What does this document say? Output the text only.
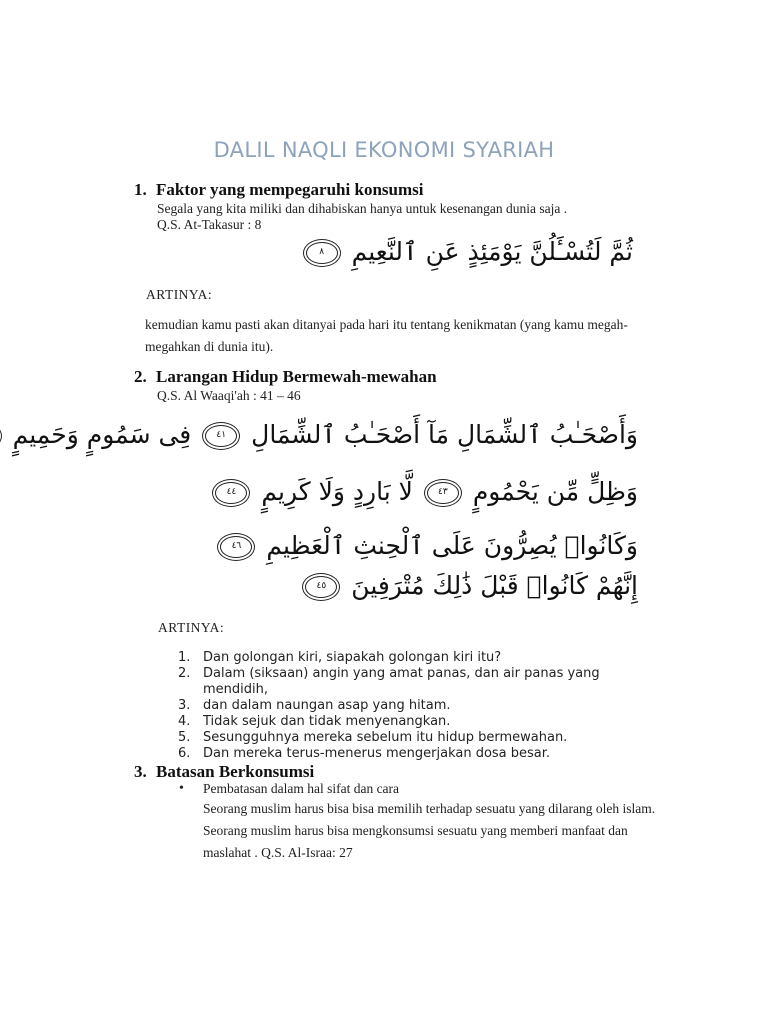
DALIL NAQLI EKONOMI SYARIAH
1. Faktor yang mempegaruhi konsumsi
Segala yang kita miliki dan dihabiskan hanya untuk kesenangan dunia saja .
Q.S. At-Takasur : 8
ثُمَّ لَتُسْـَٔلُنَّ يَوْمَئِذٍ عَنِ ٱلنَّعِيمِ ٨
ARTINYA:
kemudian kamu pasti akan ditanyai pada hari itu tentang kenikmatan (yang kamu megah-megahkan di dunia itu).
2. Larangan Hidup Bermewah-mewahan
Q.S. Al Waaqi'ah : 41 – 46
وَأَصْحَـٰبُ ٱلشِّمَالِ مَآ أَصْحَـٰبُ ٱلشِّمَالِ ٤١ فِى سَمُومٍ وَحَمِيمٍ
وَظِلٍّ مِّن يَحْمُومٍ ٤٣ لَّا بَارِدٍ وَلَا كَرِيمٍ ٤٤
وَكَانُوا۟ يُصِرُّونَ عَلَى ٱلْحِنثِ ٱلْعَظِيمِ ٤٦
إِنَّهُمْ كَانُوا۟ قَبْلَ ذَٰلِكَ مُتْرَفِينَ ٤٥
ARTINYA:
1. Dan golongan kiri, siapakah golongan kiri itu?
2. Dalam (siksaan) angin yang amat panas, dan air panas yang mendidih,
3. dan dalam naungan asap yang hitam.
4. Tidak sejuk dan tidak menyenangkan.
5. Sesungguhnya mereka sebelum itu hidup bermewahan.
6. Dan mereka terus-menerus mengerjakan dosa besar.
3. Batasan Berkonsumsi
• Pembatasan dalam hal sifat dan cara
Seorang muslim harus bisa bisa memilih terhadap sesuatu yang dilarang oleh islam. Seorang muslim harus bisa mengkonsumsi sesuatu yang memberi manfaat dan maslahat . Q.S. Al-Israa: 27
